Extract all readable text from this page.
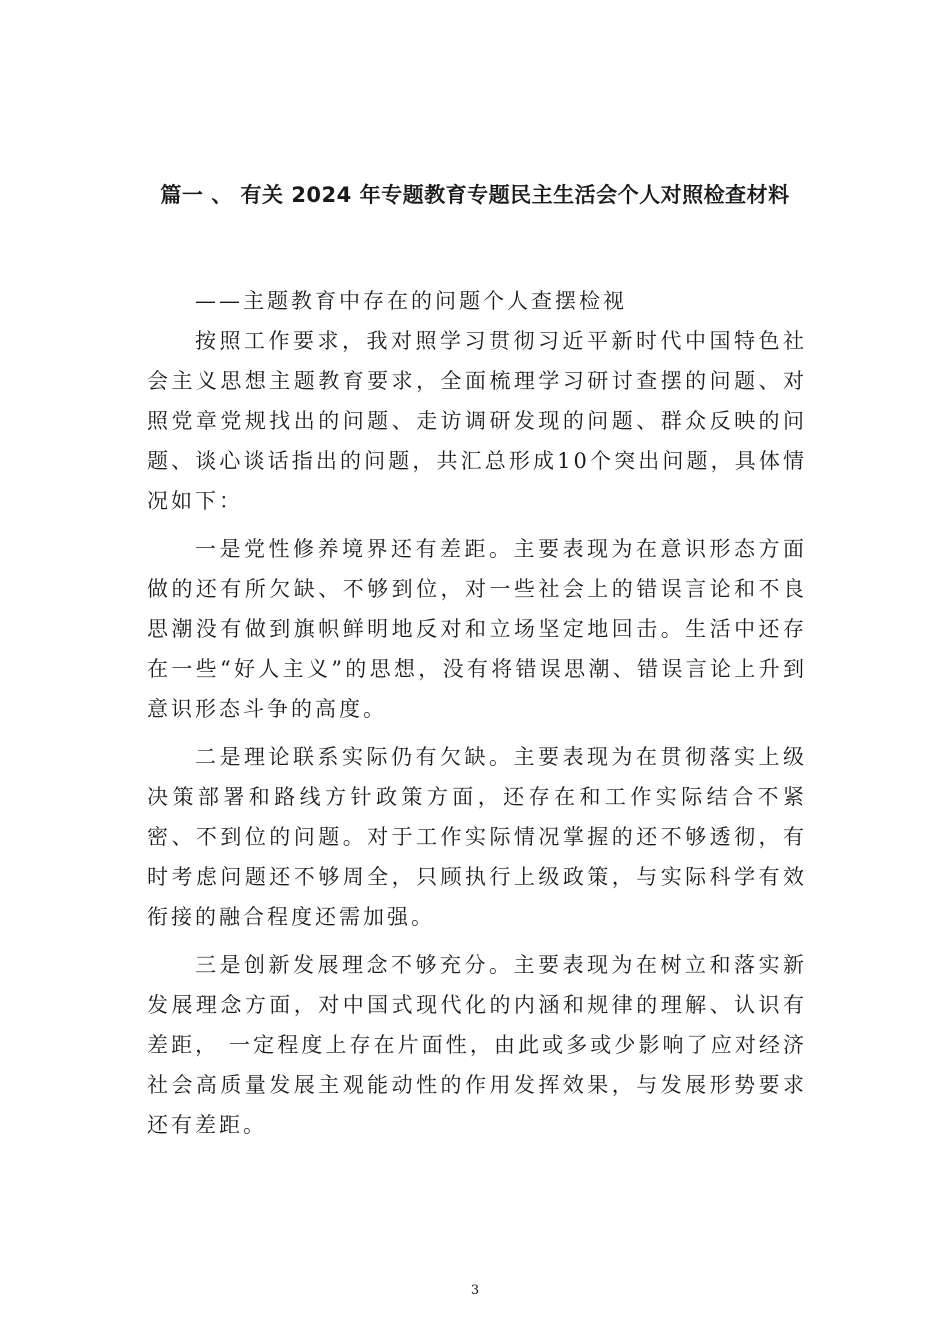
篇一 、 有关 2024 年专题教育专题民主生活会个人对照检查材料

——主题教育中存在的问题个人查摆检视

按照工作要求，我对照学习贯彻习近平新时代中国特色社会主义思想主题教育要求，全面梳理学习研讨查摆的问题、对照党章党规找出的问题、走访调研发现的问题、群众反映的问题、谈心谈话指出的问题，共汇总形成10个突出问题，具体情况如下：

一是党性修养境界还有差距。主要表现为在意识形态方面做的还有所欠缺、不够到位，对一些社会上的错误言论和不良思潮没有做到旗帜鲜明地反对和立场坚定地回击。生活中还存在一些“好人主义”的思想，没有将错误思潮、错误言论上升到意识形态斗争的高度。

二是理论联系实际仍有欠缺。主要表现为在贯彻落实上级决策部署和路线方针政策方面，还存在和工作实际结合不紧密、不到位的问题。对于工作实际情况掌握的还不够透彻，有时考虑问题还不够周全，只顾执行上级政策，与实际科学有效衔接的融合程度还需加强。

三是创新发展理念不够充分。主要表现为在树立和落实新发展理念方面，对中国式现代化的内涵和规律的理解、认识有差距， 一定程度上存在片面性，由此或多或少影响了应对经济社会高质量发展主观能动性的作用发挥效果，与发展形势要求还有差距。

3
